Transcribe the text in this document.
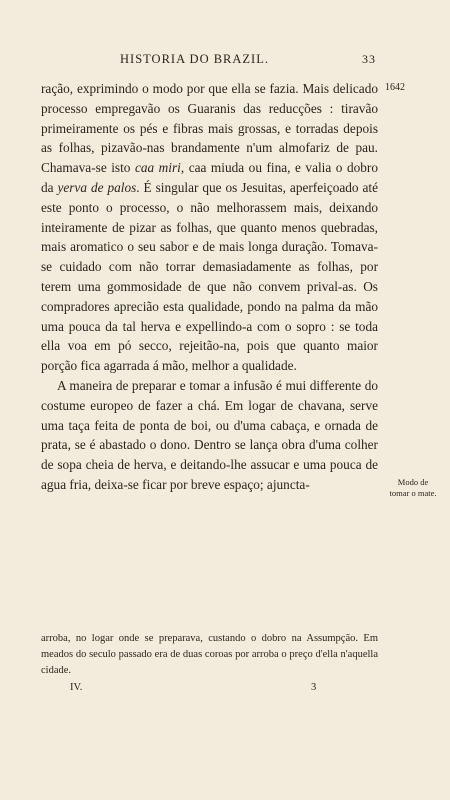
HISTORIA DO BRAZIL.	33
1642

ração, exprimindo o modo por que ella se fazia. Mais delicado processo empregavão os Guaranis das reducções : tiravão primeiramente os pés e fibras mais grossas, e torradas depois as folhas, pizavão-nas brandamente n'um almofariz de pau. Chamava-se isto caa miri, caa miuda ou fina, e valia o dobro da yerva de palos. É singular que os Jesuitas, aperfeiçoado até este ponto o processo, o não melhorassem mais, deixando inteiramente de pizar as folhas, que quanto menos quebradas, mais aromatico o seu sabor e de mais longa duração. Tomava-se cuidado com não torrar demasiadamente as folhas, por terem uma gommosidade de que não convem prival-as. Os compradores aprecião esta qualidade, pondo na palma da mão uma pouca da tal herva e expellindo-a com o sopro : se toda ella voa em pó secco, rejeitão-na, pois que quanto maior porção fica agarrada á mão, melhor a qualidade.

A maneira de preparar e tomar a infusão é mui differente do costume europeo de fazer a chá. Em logar de chavana, serve uma taça feita de ponta de boi, ou d'uma cabaça, e ornada de prata, se é abastado o dono. Dentro se lança obra d'uma colher de sopa cheia de herva, e deitando-lhe assucar e uma pouca de agua fria, deixa-se ficar por breve espaço; ajuncta-	Modo de
tomar o mate.
arroba, no logar onde se preparava, custando o dobro na Assumpção. Em meados do seculo passado era de duas coroas por arroba o preço d'ella n'aquella cidade.
IV.	3
